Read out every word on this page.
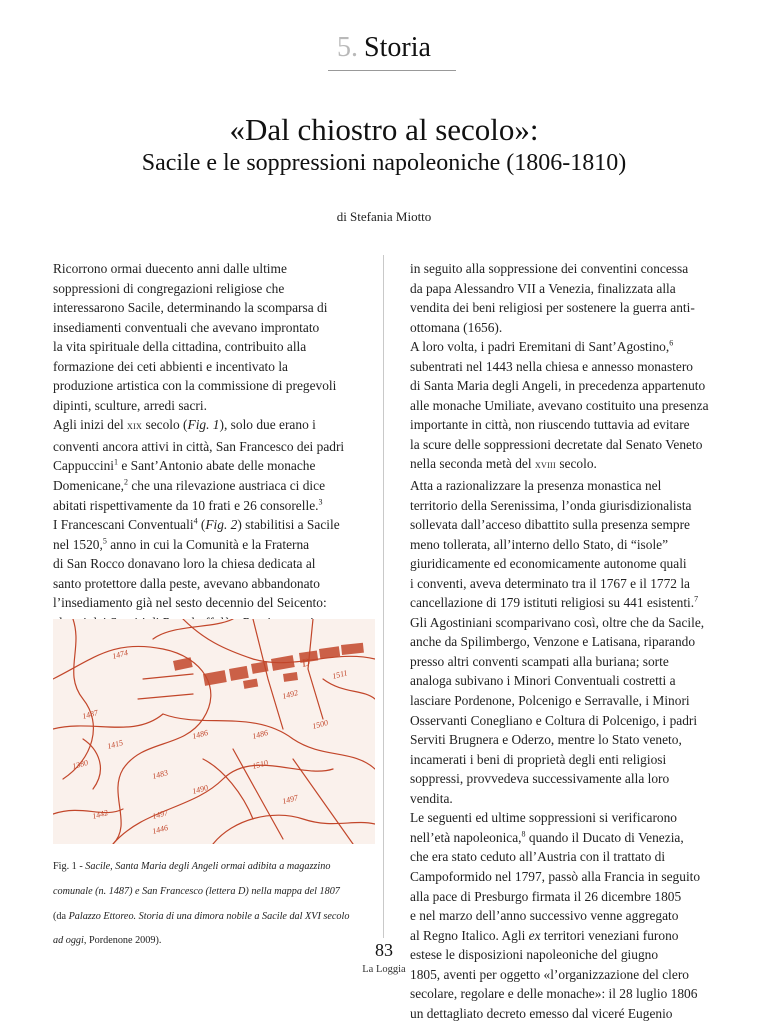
5. Storia
«Dal chiostro al secolo»:
Sacile e le soppressioni napoleoniche (1806-1810)
di Stefania Miotto

Ricorrono ormai duecento anni dalle ultime

soppressioni di congregazioni religiose che

interessarono Sacile, determinando la scomparsa di

insediamenti conventuali che avevano improntato

la vita spirituale della cittadina, contribuito alla

formazione dei ceti abbienti e incentivato la

produzione artistica con la commissione di pregevoli

dipinti, sculture, arredi sacri.

Agli inizi del xix secolo (Fig. 1), solo due erano i

conventi ancora attivi in città, San Francesco dei padri

Cappuccini$^1$ e Sant’Antonio abate delle monache

Domenicane,$^2$ che una rilevazione austriaca ci dice

abitati rispettivamente da 10 frati e 26 consorelle.$^3$

I Francescani Conventuali$^4$ (Fig. 2) stabilitisi a Sacile

nel 1520,$^5$ anno in cui la Comunità e la Fraterna

di San Rocco donavano loro la chiesa dedicata al

santo protettore dalla peste, avevano abbandonato

l’insediamento già nel sesto decennio del Seicento:

in seguito alla soppressione dei conventini concessa

da papa Alessandro VII a Venezia, finalizzata alla

vendita dei beni religiosi per sostenere la guerra anti-

ottomana (1656).

A loro volta, i padri Eremitani di Sant’Agostino,$^6$

subentrati nel 1443 nella chiesa e annesso monastero

di Santa Maria degli Angeli, in precedenza appartenuto

alle monache Umiliate, avevano costituito una presenza

importante in città, non riuscendo tuttavia ad evitare

la scure delle soppressioni decretate dal Senato Veneto

nella seconda metà del xviii secolo.

Atta a razionalizzare la presenza monastica nel

territorio della Serenissima, l’onda giurisdizionalista

sollevata dall’acceso dibattito sulla presenza sempre

meno tollerata, all’interno dello Stato, di “isole”

giuridicamente ed economicamente autonome quali

i conventi, aveva determinato tra il 1767 e il 1772 la

cancellazione di 179 istituti religiosi su 441 esistenti.$^7$

Gli Agostiniani scomparivano così, oltre che da Sacile,

anche da Spilimbergo, Venzone e Latisana, riparando

presso altri conventi scampati alla buriana; sorte

analoga subivano i Minori Conventuali costretti a

lasciare Pordenone, Polcenigo e Serravalle, i Minori

Osservanti Conegliano e Coltura di Polcenigo, i padri

Serviti Brugnera e Oderzo, mentre lo Stato veneto,

incamerati i beni di proprietà degli enti religiosi

soppressi, provvedeva successivamente alla loro vendita.

Le seguenti ed ultime soppressioni si verificarono

nell’età napoleonica,$^8$ quando il Ducato di Venezia,

che era stato ceduto all’Austria con il trattato di

Campoformido nel 1797, passò alla Francia in seguito

alla pace di Presburgo firmata il 26 dicembre 1805

e nel marzo dell’anno successivo venne aggregato

al Regno Italico. Agli ex territori veneziani furono

estese le disposizioni napoleoniche del giugno

1805, aventi per oggetto «l’organizzazione del clero

secolare, regolare e delle monache»: il 28 luglio 1806

un dettagliato decreto emesso dal viceré Eugenio

1487
1474
1415
1380
1483
1486
1497
1490
1486
1497
1500
1511
1492
1510
1446
1442
D

Fig. 1 - Sacile, Santa Maria degli Angeli ormai adibita a magazzino

comunale (n. 1487) e San Francesco (lettera D) nella mappa del 1807

(da Palazzo Ettoreo. Storia di una dimora nobile a Sacile dal XVI secolo

ad oggi, Pordenone 2009).	83
La Loggia
